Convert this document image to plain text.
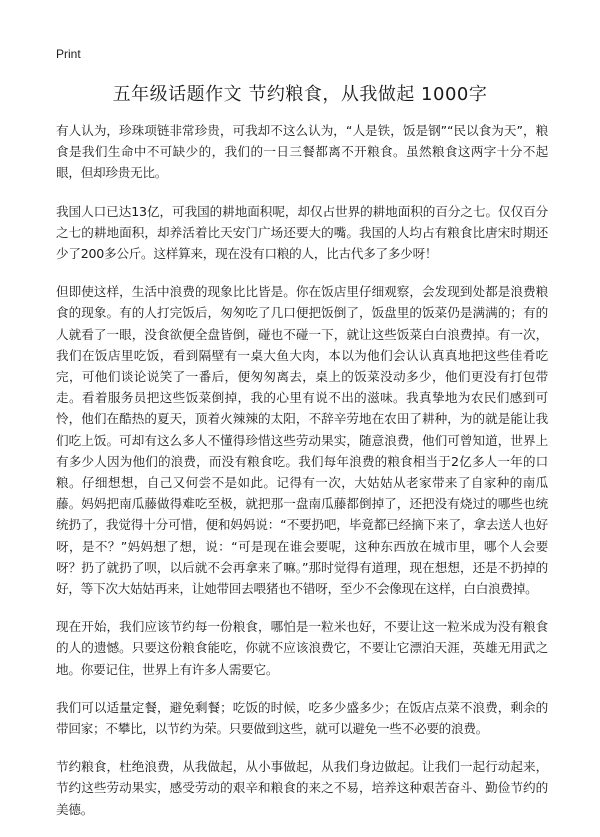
Print
五年级话题作文 节约粮食，从我做起 1000字

有人认为，珍珠项链非常珍贵，可我却不这么认为，“人是铁，饭是钢”“民以食为天”，粮食是我们生命中不可缺少的，我们的一日三餐都离不开粮食。虽然粮食这两字十分不起眼，但却珍贵无比。

我国人口已达13亿，可我国的耕地面积呢，却仅占世界的耕地面积的百分之七。仅仅百分之七的耕地面积，却养活着比天安门广场还要大的嘴。我国的人均占有粮食比唐宋时期还少了200多公斤。这样算来，现在没有口粮的人，比古代多了多少呀！

但即使这样，生活中浪费的现象比比皆是。你在饭店里仔细观察，会发现到处都是浪费粮食的现象。有的人打完饭后，匆匆吃了几口便把饭倒了，饭盘里的饭菜仍是满满的；有的人就看了一眼，没食欲便全盘皆倒，碰也不碰一下，就让这些饭菜白白浪费掉。有一次，我们在饭店里吃饭，看到隔壁有一桌大鱼大肉，本以为他们会认认真真地把这些佳肴吃完，可他们谈论说笑了一番后，便匆匆离去，桌上的饭菜没动多少，他们更没有打包带走。看着服务员把这些饭菜倒掉，我的心里有说不出的滋味。我真挚地为农民们感到可怜，他们在酷热的夏天，顶着火辣辣的太阳，不辞辛劳地在农田了耕种，为的就是能让我们吃上饭。可却有这么多人不懂得珍惜这些劳动果实，随意浪费，他们可曾知道，世界上有多少人因为他们的浪费，而没有粮食吃。我们每年浪费的粮食相当于2亿多人一年的口粮。仔细想想，自己又何尝不是如此。记得有一次，大姑姑从老家带来了自家种的南瓜藤。妈妈把南瓜藤做得难吃至极，就把那一盘南瓜藤都倒掉了，还把没有烧过的哪些也统统扔了，我觉得十分可惜，便和妈妈说：“不要扔吧，毕竟都已经摘下来了，拿去送人也好呀，是不？”妈妈想了想，说：“可是现在谁会要呢，这种东西放在城市里，哪个人会要呀？扔了就扔了呗，以后就不会再拿来了嘛。”那时觉得有道理，现在想想，还是不扔掉的好，等下次大姑姑再来，让她带回去喂猪也不错呀，至少不会像现在这样，白白浪费掉。

现在开始，我们应该节约每一份粮食，哪怕是一粒米也好，不要让这一粒米成为没有粮食的人的遗憾。只要这份粮食能吃，你就不应该浪费它，不要让它漂泊天涯，英雄无用武之地。你要记住，世界上有许多人需要它。

我们可以适量定餐，避免剩餐；吃饭的时候，吃多少盛多少；在饭店点菜不浪费，剩余的带回家；不攀比，以节约为荣。只要做到这些，就可以避免一些不必要的浪费。

节约粮食，杜绝浪费，从我做起，从小事做起，从我们身边做起。让我们一起行动起来，节约这些劳动果实，感受劳动的艰辛和粮食的来之不易，培养这种艰苦奋斗、勤俭节约的美德。
